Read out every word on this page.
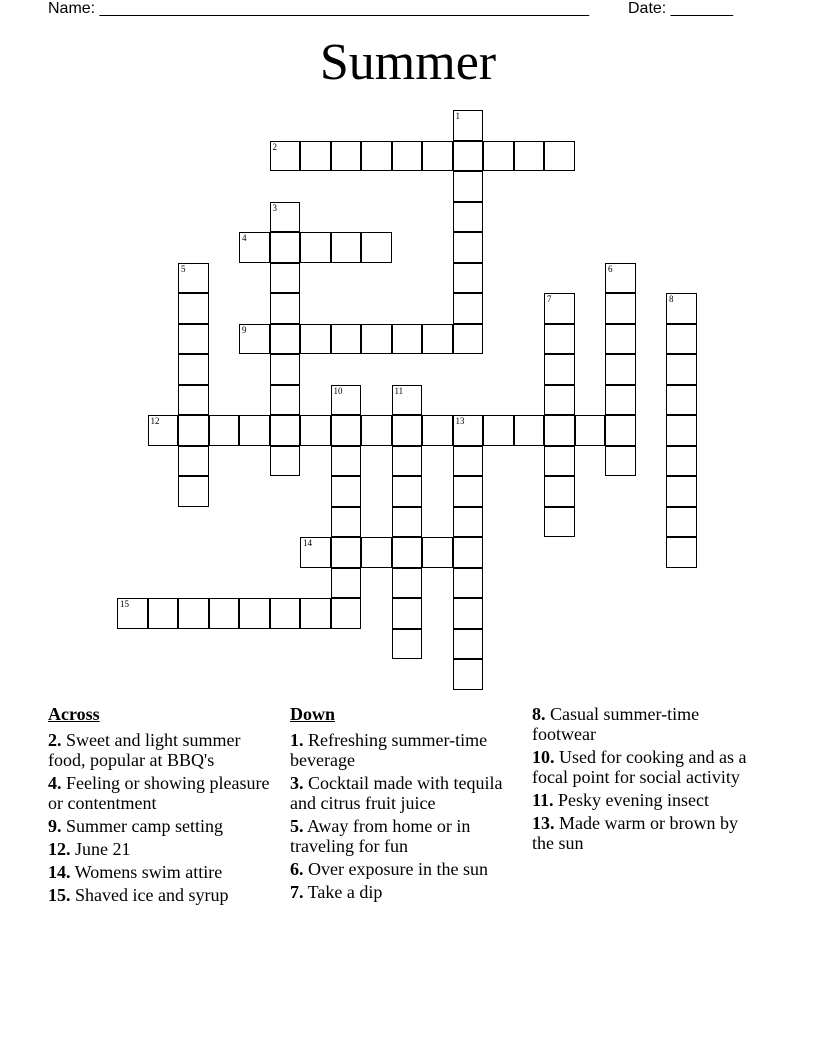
Name: _______________________________________________________ Date: _______
Summer
1
2
3
4
5	6
7	8
9
10	11
12	13
14
15
Across
2. Sweet and light summer food, popular at BBQ's
4. Feeling or showing pleasure or contentment
9. Summer camp setting
12. June 21
14. Womens swim attire
15. Shaved ice and syrup
Down
1. Refreshing summer-time beverage
3. Cocktail made with tequila and citrus fruit juice
5. Away from home or in traveling for fun
6. Over exposure in the sun
7. Take a dip
8. Casual summer-time footwear
10. Used for cooking and as a focal point for social activity
11. Pesky evening insect
13. Made warm or brown by the sun
